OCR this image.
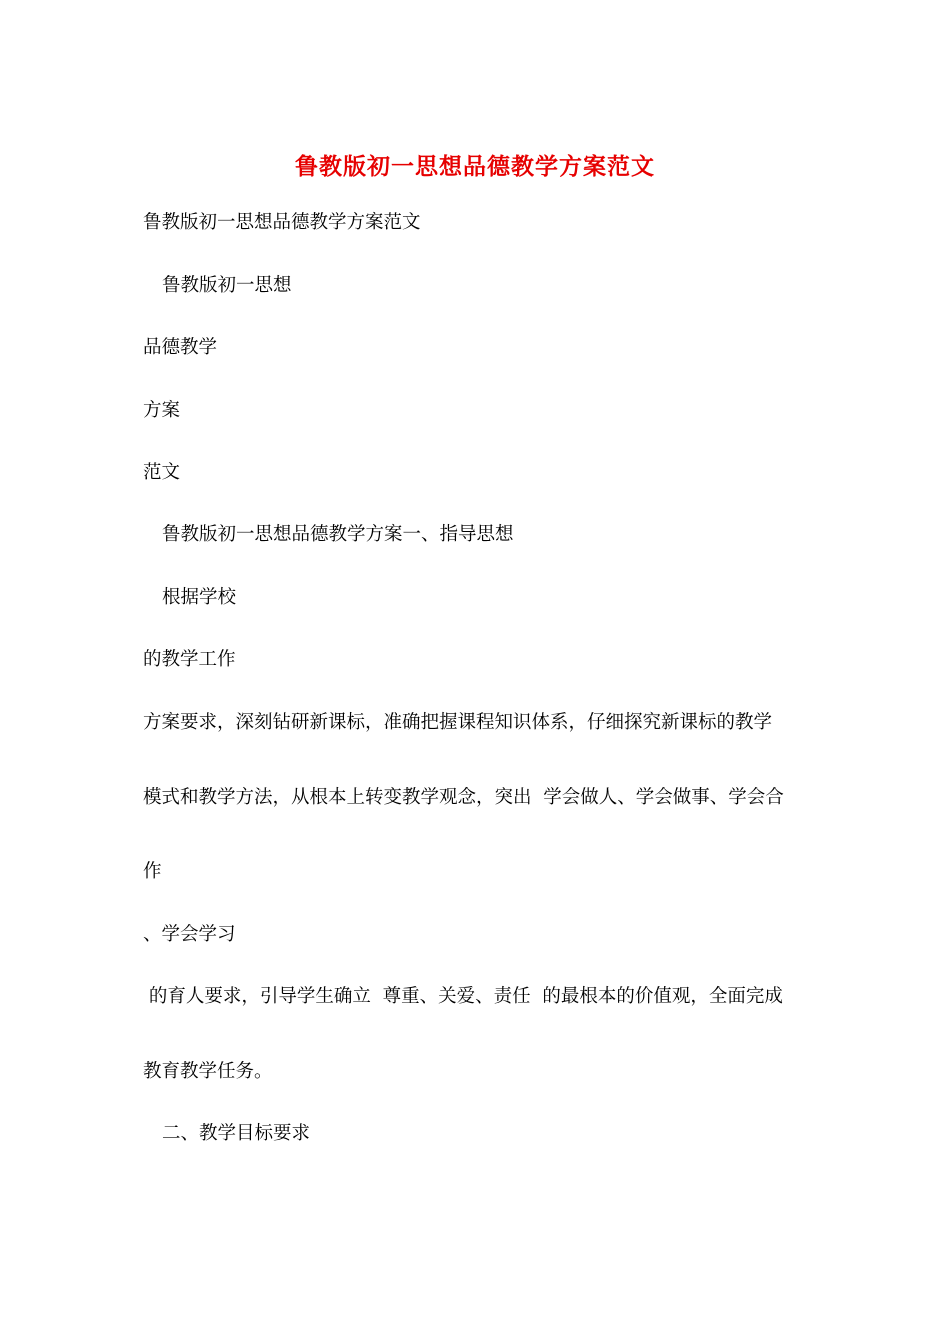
鲁教版初一思想品德教学方案范文
鲁教版初一思想品德教学方案范文
鲁教版初一思想
品德教学
方案
范文
鲁教版初一思想品德教学方案一、指导思想
根据学校
的教学工作
方案要求，深刻钻研新课标，准确把握课程知识体系，仔细探究新课标的教学
模式和教学方法，从根本上转变教学观念，突出  学会做人、学会做事、学会合
作
、学会学习
的育人要求，引导学生确立  尊重、关爱、责任  的最根本的价值观，全面完成
教育教学任务。
二、教学目标要求
